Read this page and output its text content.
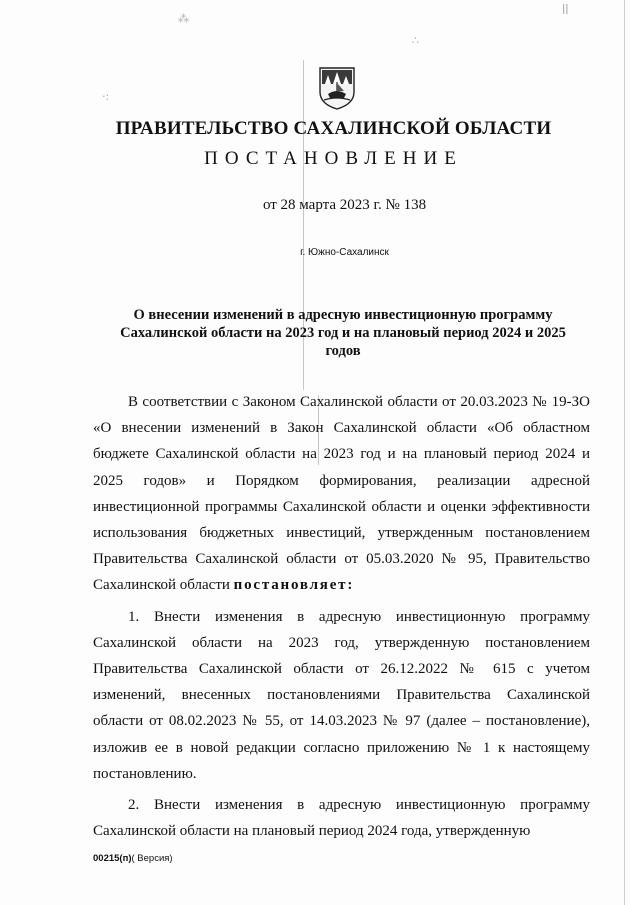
⁂
∴
ǀǀ
·:
ПРАВИТЕЛЬСТВО САХАЛИНСКОЙ ОБЛАСТИ
ПОСТАНОВЛЕНИЕ
от 28 марта 2023 г. № 138
г. Южно-Сахалинск
О внесении изменений в адресную инвестиционную программу Сахалинской области на 2023 год и на плановый период 2024 и 2025 годов

В соответствии с Законом Сахалинской области от 20.03.2023 № 19-ЗО «О внесении изменений в Закон Сахалинской области «Об областном бюджете Сахалинской области на 2023 год и на плановый период 2024 и 2025 годов» и Порядком формирования, реализации адресной инвестиционной программы Сахалинской области и оценки эффективности использования бюджетных инвестиций, утвержденным постановлением Правительства Сахалинской области от 05.03.2020 № 95, Правительство Сахалинской области постановляет:

1. Внести изменения в адресную инвестиционную программу Сахалинской области на 2023 год, утвержденную постановлением Правительства Сахалинской области от 26.12.2022 № 615 с учетом изменений, внесенных постановлениями Правительства Сахалинской области от 08.02.2023 № 55, от 14.03.2023 № 97 (далее – постановление), изложив ее в новой редакции согласно приложению № 1 к настоящему постановлению.

2. Внести изменения в адресную инвестиционную программу Сахалинской области на плановый период 2024 года, утвержденную

00215(п)( Версия)
